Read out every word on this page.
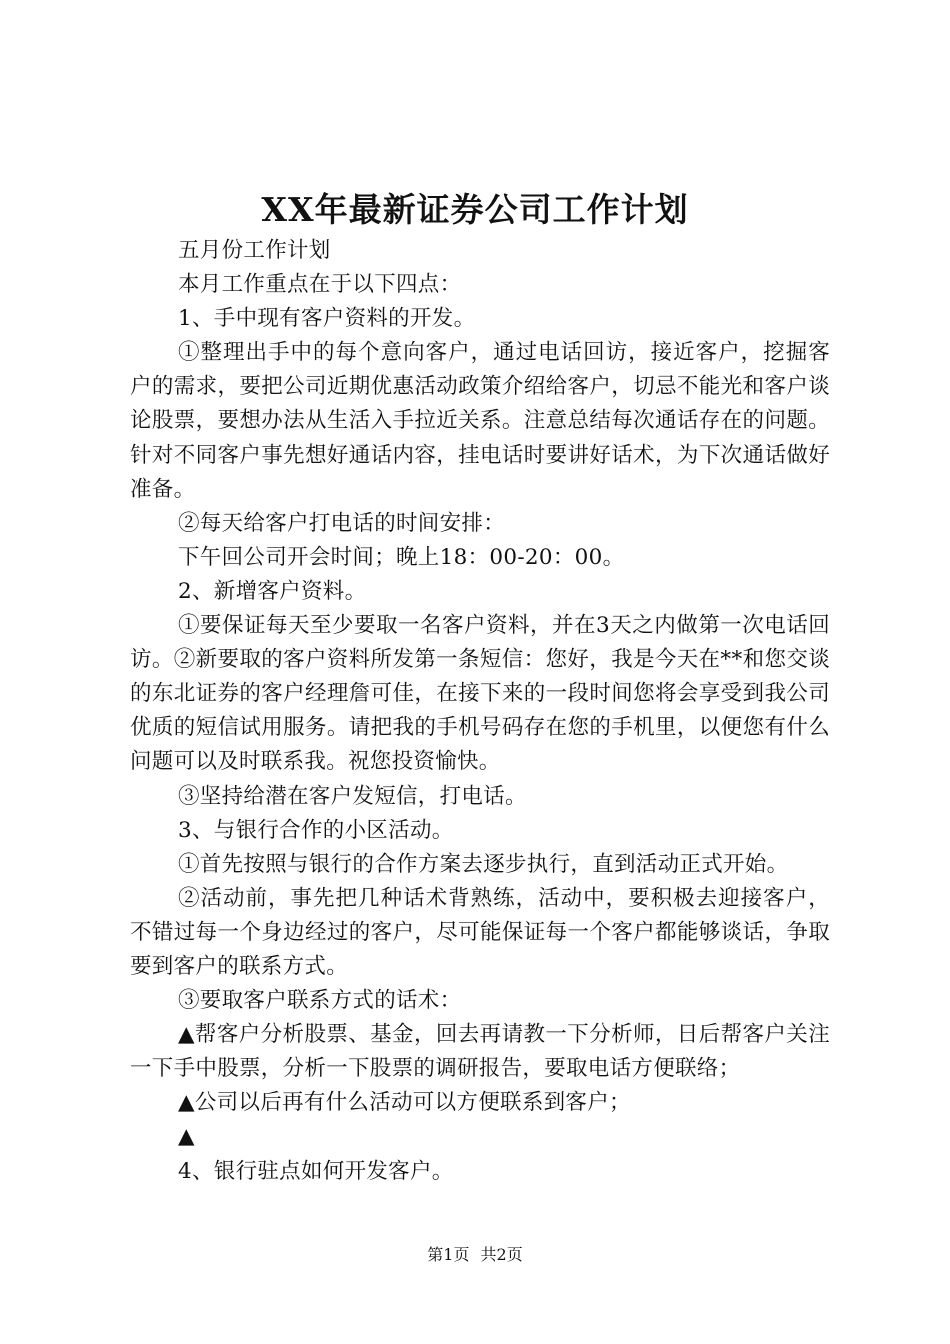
XX年最新证券公司工作计划

五月份工作计划

本月工作重点在于以下四点：

1、手中现有客户资料的开发。

①整理出手中的每个意向客户，通过电话回访，接近客户，挖掘客户的需求，要把公司近期优惠活动政策介绍给客户，切忌不能光和客户谈论股票，要想办法从生活入手拉近关系。注意总结每次通话存在的问题。针对不同客户事先想好通话内容，挂电话时要讲好话术，为下次通话做好准备。

②每天给客户打电话的时间安排：

下午回公司开会时间；晚上18：00-20：00。

2、新增客户资料。

①要保证每天至少要取一名客户资料，并在3天之内做第一次电话回访。②新要取的客户资料所发第一条短信：您好，我是今天在**和您交谈的东北证券的客户经理詹可佳，在接下来的一段时间您将会享受到我公司优质的短信试用服务。请把我的手机号码存在您的手机里，以便您有什么问题可以及时联系我。祝您投资愉快。

③坚持给潜在客户发短信，打电话。

3、与银行合作的小区活动。

①首先按照与银行的合作方案去逐步执行，直到活动正式开始。

②活动前，事先把几种话术背熟练，活动中，要积极去迎接客户，不错过每一个身边经过的客户，尽可能保证每一个客户都能够谈话，争取要到客户的联系方式。

③要取客户联系方式的话术：

▲帮客户分析股票、基金，回去再请教一下分析师，日后帮客户关注一下手中股票，分析一下股票的调研报告，要取电话方便联络；

▲公司以后再有什么活动可以方便联系到客户；

▲

4、银行驻点如何开发客户。

第1页 共2页
